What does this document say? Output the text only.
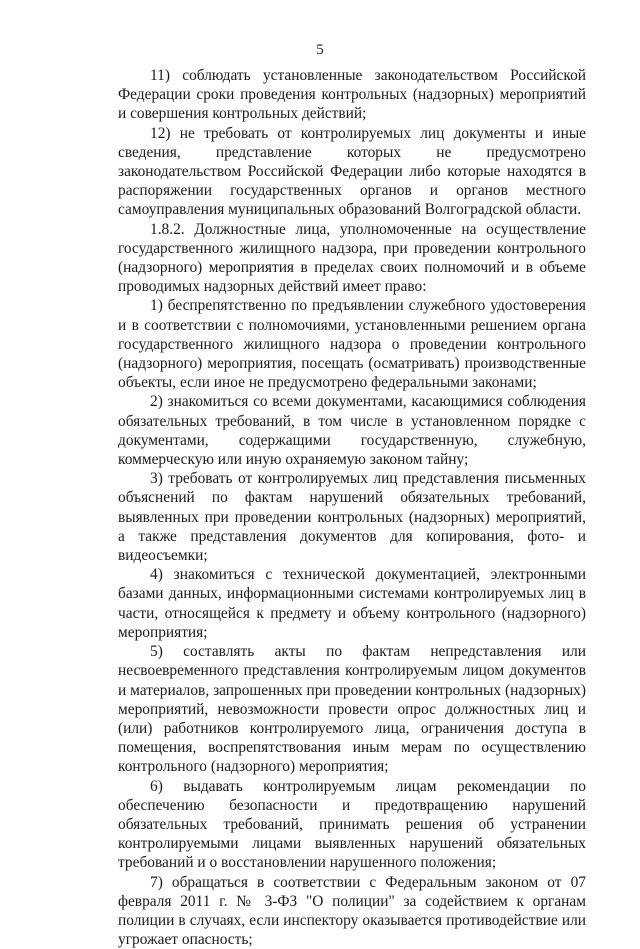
5

11) соблюдать установленные законодательством Российской Федерации сроки проведения контрольных (надзорных) мероприятий и совершения контрольных действий;

12) не требовать от контролируемых лиц документы и иные сведения, представление которых не предусмотрено законодательством Российской Федерации либо которые находятся в распоряжении государственных органов и органов местного самоуправления муниципальных образований Волгоградской области.

1.8.2. Должностные лица, уполномоченные на осуществление государственного жилищного надзора, при проведении контрольного (надзорного) мероприятия в пределах своих полномочий и в объеме проводимых надзорных действий имеет право:

1) беспрепятственно по предъявлении служебного удостоверения и в соответствии с полномочиями, установленными решением органа государственного жилищного надзора о проведении контрольного (надзорного) мероприятия, посещать (осматривать) производственные объекты, если иное не предусмотрено федеральными законами;

2) знакомиться со всеми документами, касающимися соблюдения обязательных требований, в том числе в установленном порядке с документами, содержащими государственную, служебную, коммерческую или иную охраняемую законом тайну;

3) требовать от контролируемых лиц представления письменных объяснений по фактам нарушений обязательных требований, выявленных при проведении контрольных (надзорных) мероприятий, а также представления документов для копирования, фото- и видеосъемки;

4) знакомиться с технической документацией, электронными базами данных, информационными системами контролируемых лиц в части, относящейся к предмету и объему контрольного (надзорного) мероприятия;

5) составлять акты по фактам непредставления или несвоевременного представления контролируемым лицом документов и материалов, запрошенных при проведении контрольных (надзорных) мероприятий, невозможности провести опрос должностных лиц и (или) работников контролируемого лица, ограничения доступа в помещения, воспрепятствования иным мерам по осуществлению контрольного (надзорного) мероприятия;

6) выдавать контролируемым лицам рекомендации по обеспечению безопасности и предотвращению нарушений обязательных требований, принимать решения об устранении контролируемыми лицами выявленных нарушений обязательных требований и о восстановлении нарушенного положения;

7) обращаться в соответствии с Федеральным законом от 07 февраля 2011 г. № 3-ФЗ "О полиции" за содействием к органам полиции в случаях, если инспектору оказывается противодействие или угрожает опасность;
